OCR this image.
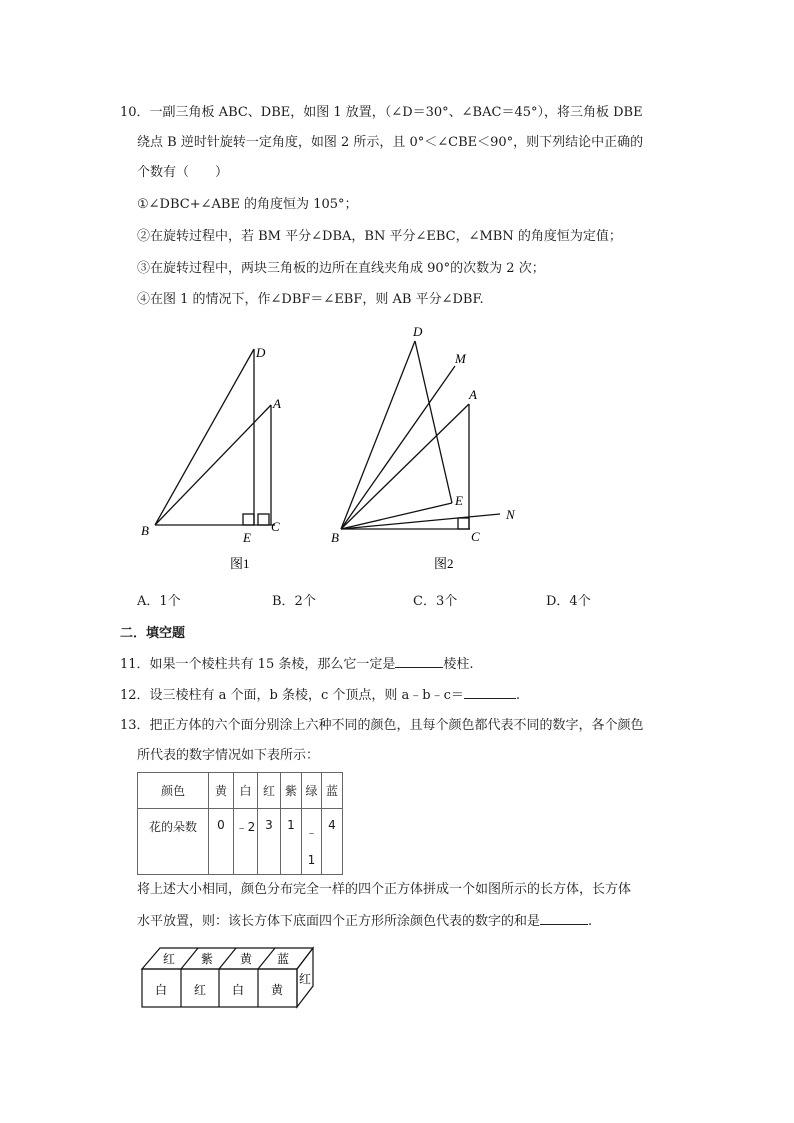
10．一副三角板 ABC、DBE，如图 1 放置，（∠D＝30°、∠BAC＝45°），将三角板 DBE
绕点 B 逆时针旋转一定角度，如图 2 所示，且 0°＜∠CBE＜90°，则下列结论中正确的
个数有（　　）
①∠DBC+∠ABE 的角度恒为 105°；
②在旋转过程中，若 BM 平分∠DBA，BN 平分∠EBC，∠MBN 的角度恒为定值；
③在旋转过程中，两块三角板的边所在直线夹角成 90°的次数为 2 次；
④在图 1 的情况下，作∠DBF＝∠EBF，则 AB 平分∠DBF.
D
A
B	E
C
图1
D
M
A
E
N
B	C
图2
A．1个	B．2个	C．3个	D．4个
二．填空题
11．如果一个棱柱共有 15 条棱，那么它一定是	棱柱.
12．设三棱柱有 a 个面，b 条棱，c 个顶点，则 a﹣b﹣c＝	.
13．把正方体的六个面分别涂上六种不同的颜色，且每个颜色都代表不同的数字，各个颜色
所代表的数字情况如下表所示：
颜色	黄	白	红	紫	绿	蓝
花的朵数	0	﹣2	3	1	﹣1	4
将上述大小相同，颜色分布完全一样的四个正方体拼成一个如图所示的长方体，长方体
水平放置，则：该长方体下底面四个正方形所涂颜色代表的数字的和是	.
红 紫 黄 蓝
白 红 白 黄
红
